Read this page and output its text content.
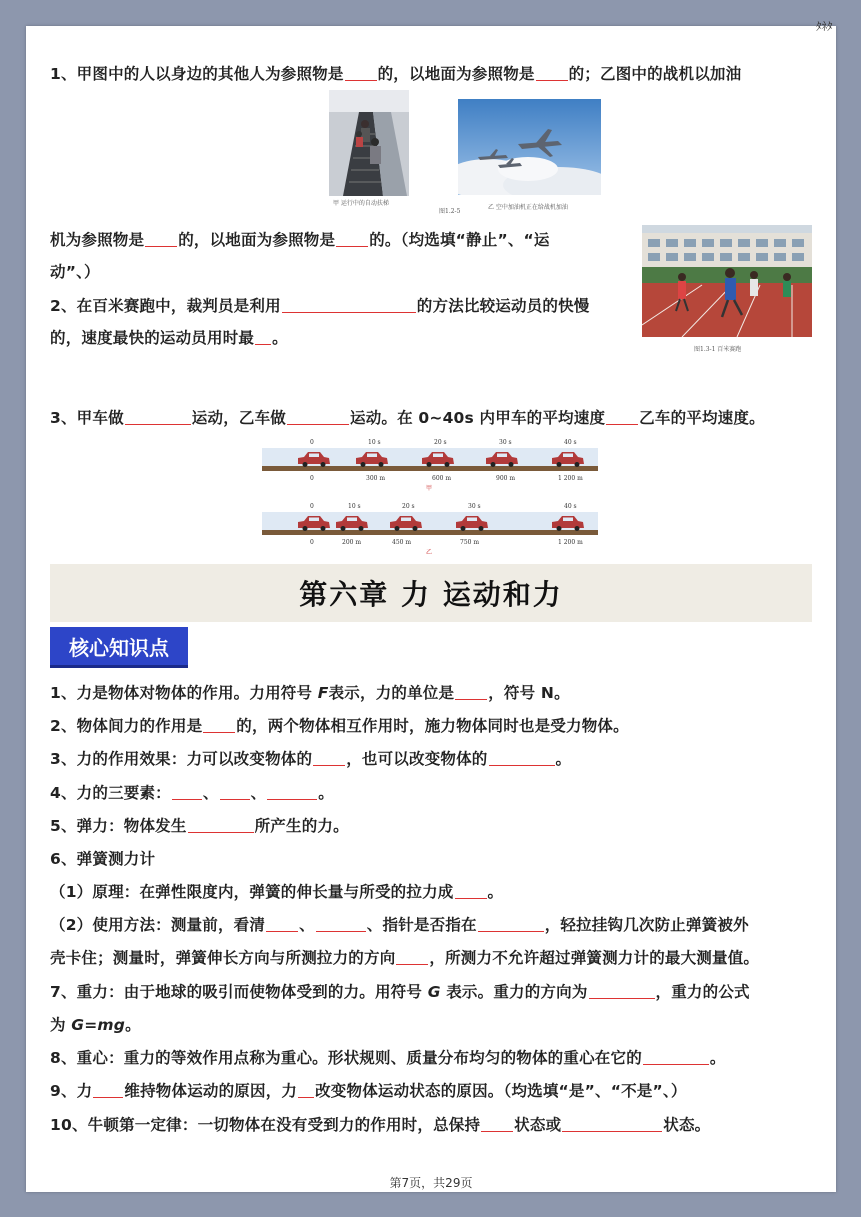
ﾀﾈﾀ
1、甲图中的人以身边的其他人为参照物是 的，以地面为参照物是 的；乙图中的战机以加油
甲 运行中的自动扶梯
图1.2-5
乙 空中加油机正在给战机加油
机为参照物是 的，以地面为参照物是 的。（均选填“静止”、“运
动”、）
图1.3-1 百米赛跑
2、在百米赛跑中，裁判员是利用	的方法比较运动员的快慢
的，速度最快的运动员用时最 。
3、甲车做	运动，乙车做	运动。在 0~40s 内甲车的平均速度 乙车的平均速度。
0	10 s	20 s	30 s	40 s
0	300 m	600 m	900 m	1 200 m
甲
0	10 s	20 s	30 s	40 s
0	200 m	450 m	750 m	1 200 m
乙
第六章 力 运动和力
核心知识点
1、力是物体对物体的作用。力用符号 F表示，力的单位是 ，符号 N。
2、物体间力的作用是 的，两个物体相互作用时，施力物体同时也是受力物体。
3、力的作用效果：力可以改变物体的 ，也可以改变物体的	。
4、力的三要素： 、 、	。
5、弹力：物体发生	所产生的力。
6、弹簧测力计
（1）原理：在弹性限度内，弹簧的伸长量与所受的拉力成 。
（2）使用方法：测量前，看清 、	、指针是否指在	，轻拉挂钩几次防止弹簧被外
壳卡住；测量时，弹簧伸长方向与所测拉力的方向 ，所测力不允许超过弹簧测力计的最大测量值。
7、重力：由于地球的吸引而使物体受到的力。用符号 G 表示。重力的方向为	，重力的公式
为 G=mg。
8、重心：重力的等效作用点称为重心。形状规则、质量分布均匀的物体的重心在它的	。
9、力 维持物体运动的原因，力 改变物体运动状态的原因。（均选填“是”、“不是”、）
10、牛顿第一定律：一切物体在没有受到力的作用时，总保持 状态或	状态。
第7页，共29页
